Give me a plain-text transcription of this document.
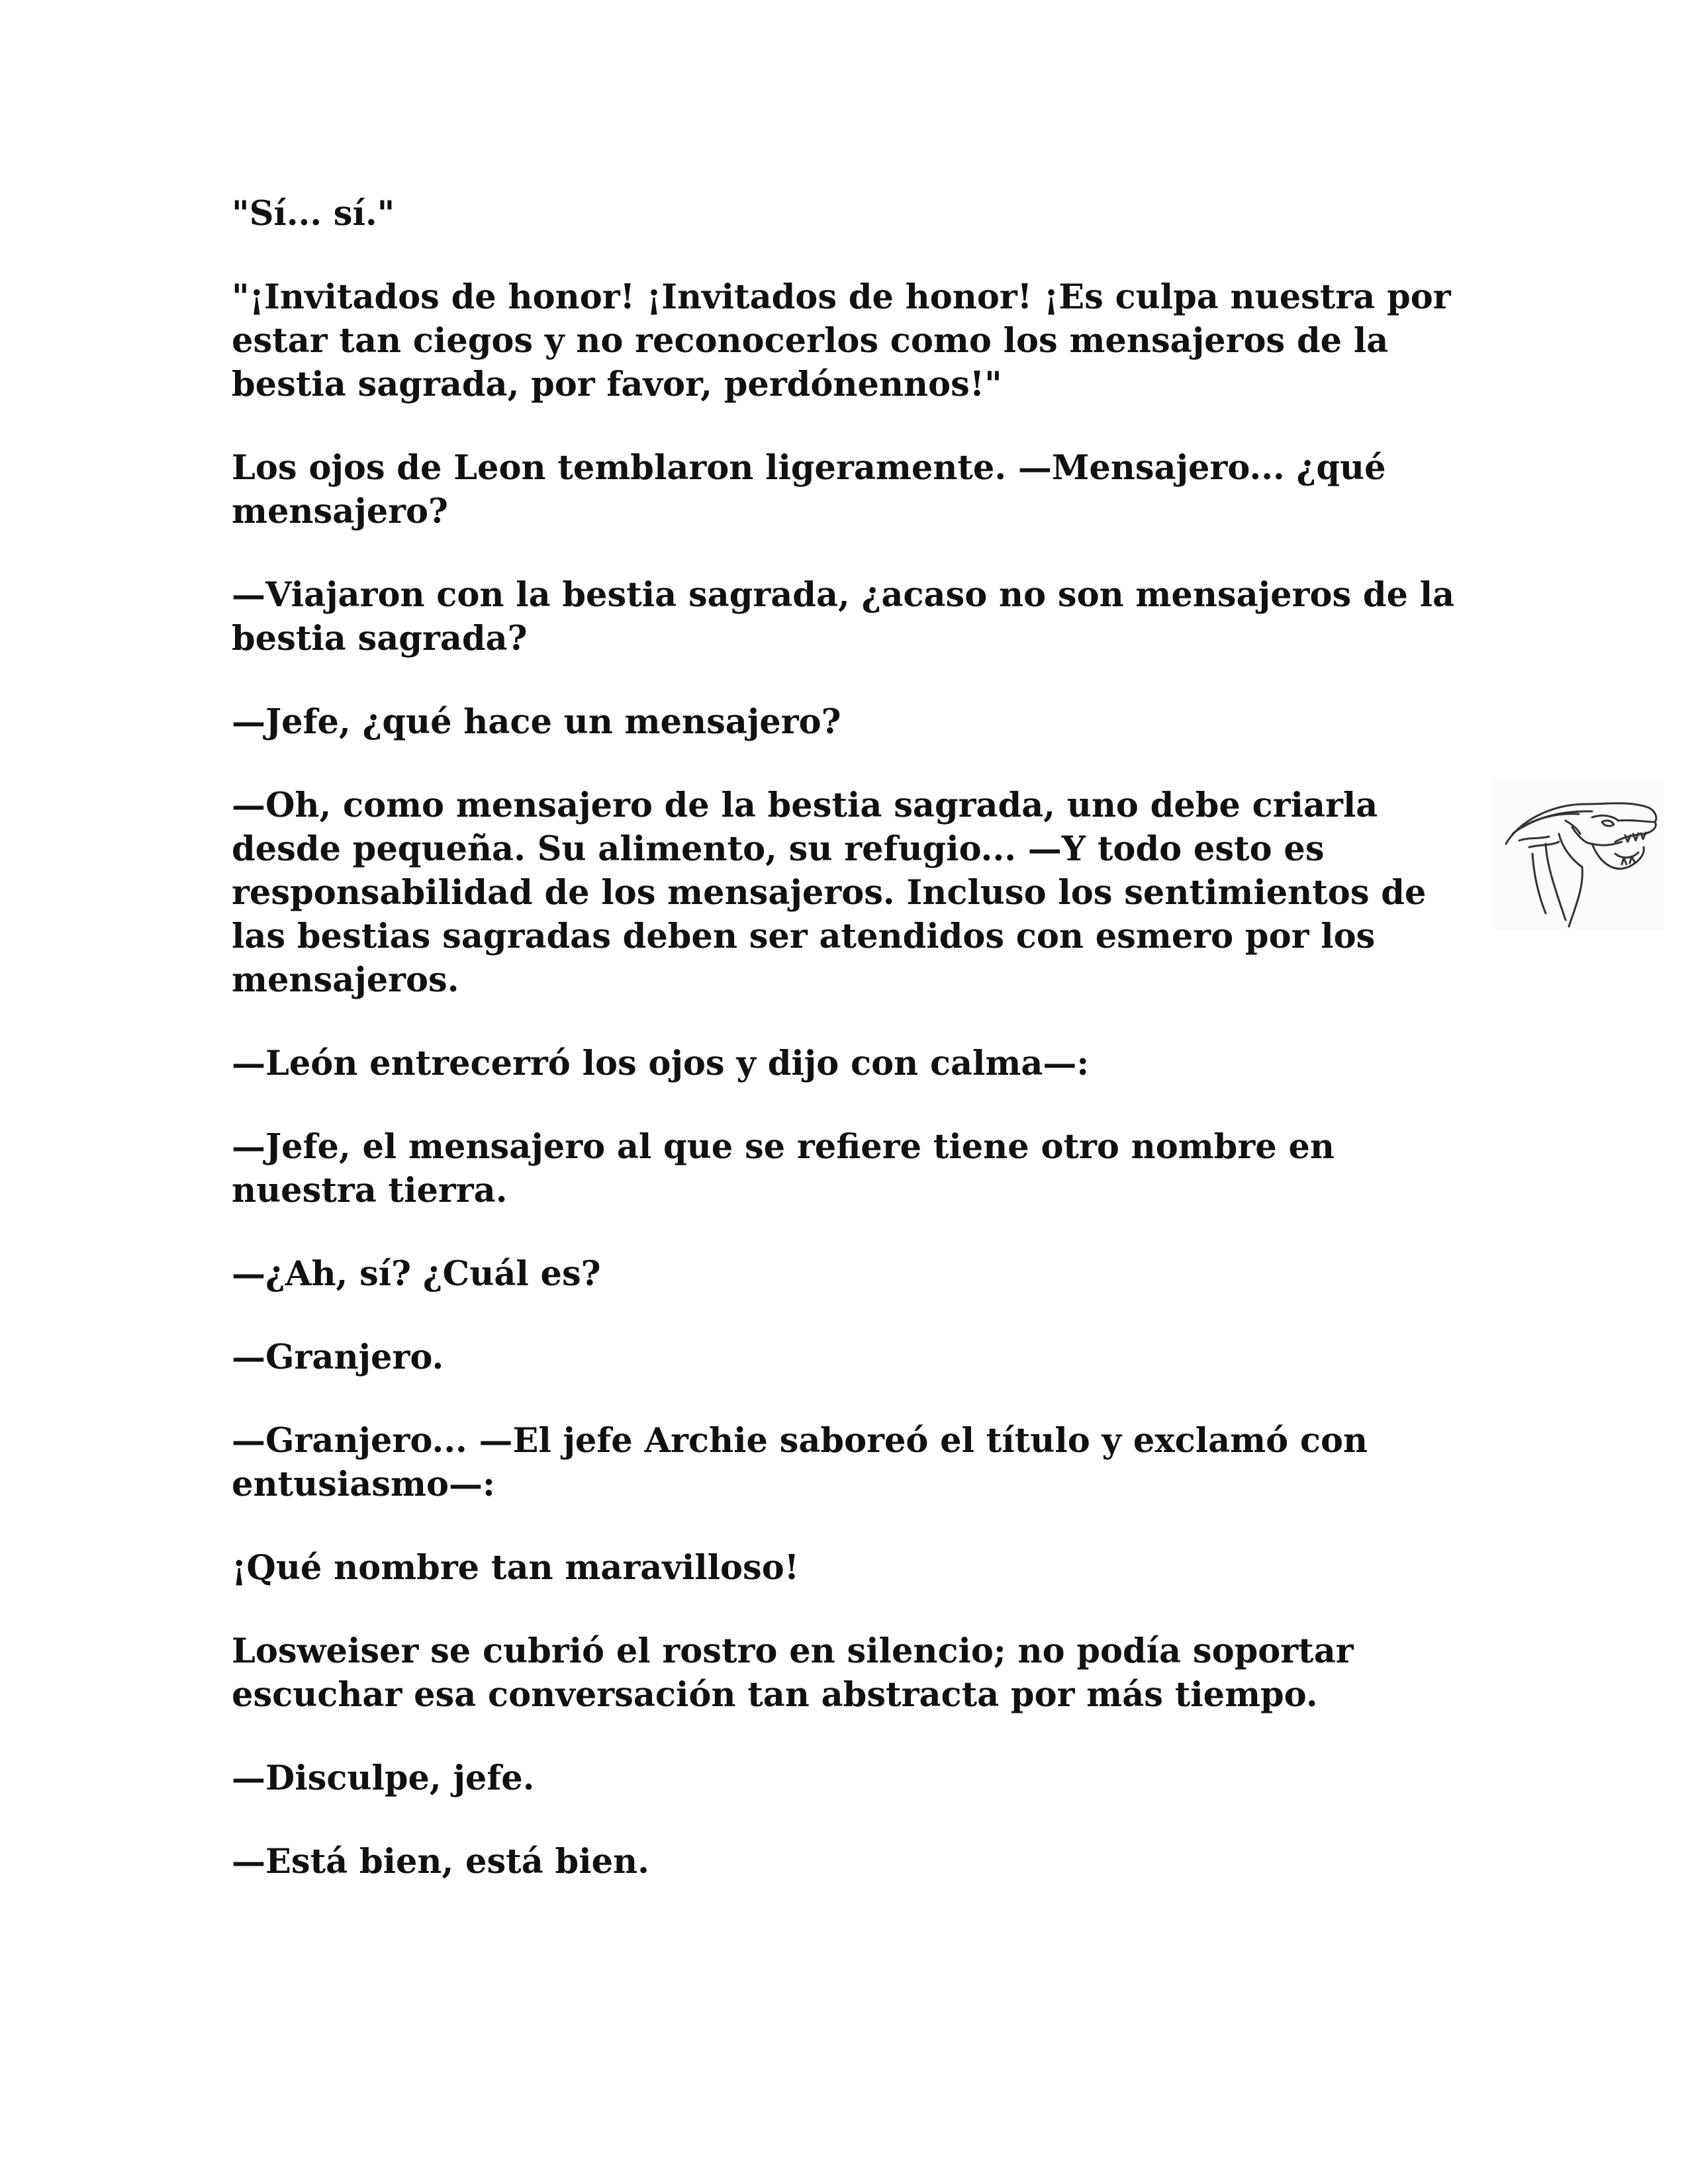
"Sí... sí."

"¡Invitados de honor! ¡Invitados de honor! ¡Es culpa nuestra por estar tan ciegos y no reconocerlos como los mensajeros de la bestia sagrada, por favor, perdónennos!"

Los ojos de Leon temblaron ligeramente. —Mensajero... ¿qué mensajero?

—Viajaron con la bestia sagrada, ¿acaso no son mensajeros de la bestia sagrada?

—Jefe, ¿qué hace un mensajero?

—Oh, como mensajero de la bestia sagrada, uno debe criarla desde pequeña. Su alimento, su refugio... —Y todo esto es responsabilidad de los mensajeros. Incluso los sentimientos de las bestias sagradas deben ser atendidos con esmero por los mensajeros.

—León entrecerró los ojos y dijo con calma—:

—Jefe, el mensajero al que se refiere tiene otro nombre en nuestra tierra.

—¿Ah, sí? ¿Cuál es?

—Granjero.

—Granjero... —El jefe Archie saboreó el título y exclamó con entusiasmo—:

¡Qué nombre tan maravilloso!

Losweiser se cubrió el rostro en silencio; no podía soportar escuchar esa conversación tan abstracta por más tiempo.

—Disculpe, jefe.

—Está bien, está bien.
